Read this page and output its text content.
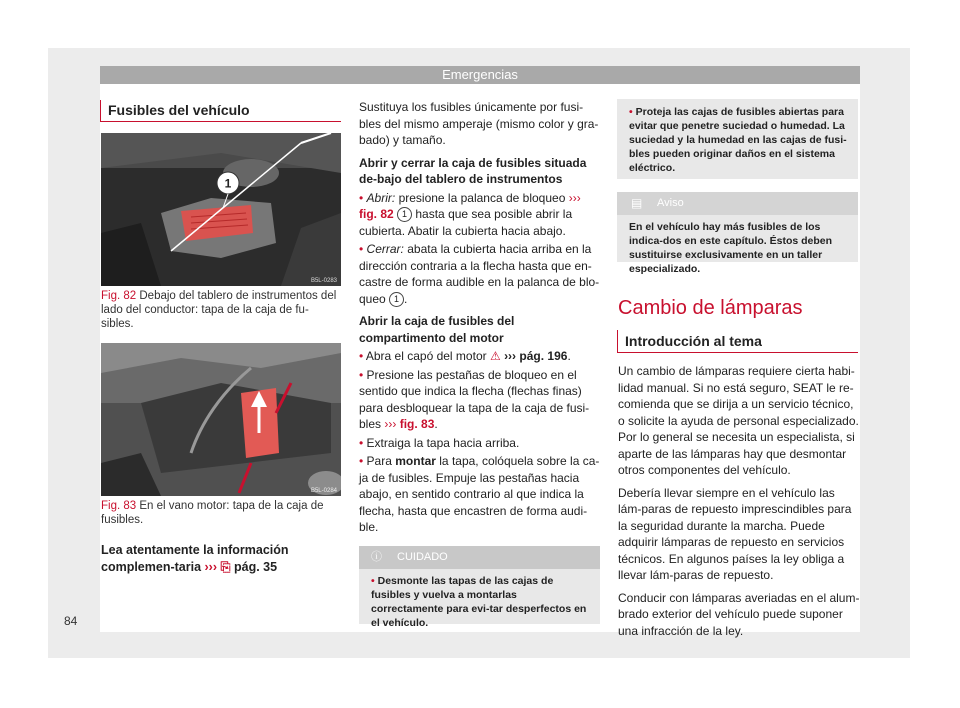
Emergencias
Fusibles del vehículo
1
B5L-0283
Fig. 82 Debajo del tablero de instrumentos del lado del conductor: tapa de la caja de fu-sibles.
B5L-0284
Fig. 83 En el vano motor: tapa de la caja de fusibles.
Lea atentamente la información complemen-taria ››› ⎘ pág. 35

Sustituya los fusibles únicamente por fusi-bles del mismo amperaje (mismo color y gra-bado) y tamaño.

Abrir y cerrar la caja de fusibles situada de-bajo del tablero de instrumentos

• Abrir: presione la palanca de bloqueo ››› fig. 82 1 hasta que sea posible abrir la cubierta. Abatir la cubierta hacia abajo.

• Cerrar: abata la cubierta hacia arriba en la dirección contraria a la flecha hasta que en-castre de forma audible en la palanca de blo-queo 1 .

Abrir la caja de fusibles del compartimento del motor

• Abra el capó del motor ⚠ ››› pág. 196.

• Presione las pestañas de bloqueo en el sentido que indica la flecha (flechas finas) para desbloquear la tapa de la caja de fusi-bles ››› fig. 83.

• Extraiga la tapa hacia arriba.

• Para montar la tapa, colóquela sobre la ca-ja de fusibles. Empuje las pestañas hacia abajo, en sentido contrario al que indica la flecha, hasta que encastren de forma audi-ble.

ⓘ CUIDADO
• Desmonte las tapas de las cajas de fusibles y vuelva a montarlas correctamente para evi-tar desperfectos en el vehículo.
• Proteja las cajas de fusibles abiertas para evitar que penetre suciedad o humedad. La suciedad y la humedad en las cajas de fusi-bles pueden originar daños en el sistema eléctrico.
▤ Aviso
En el vehículo hay más fusibles de los indica-dos en este capítulo. Éstos deben sustituirse exclusivamente en un taller especializado.
Cambio de lámparas
Introducción al tema

Un cambio de lámparas requiere cierta habi-lidad manual. Si no está seguro, SEAT le re-comienda que se dirija a un servicio técnico, o solicite la ayuda de personal especializado. Por lo general se necesita un especialista, si aparte de las lámparas hay que desmontar otros componentes del vehículo.

Debería llevar siempre en el vehículo las lám-paras de repuesto imprescindibles para la seguridad durante la marcha. Puede adquirir lámparas de repuesto en servicios técnicos. En algunos países la ley obliga a llevar lám-paras de repuesto.

Conducir con lámparas averiadas en el alum-brado exterior del vehículo puede suponer una infracción de la ley.

84
